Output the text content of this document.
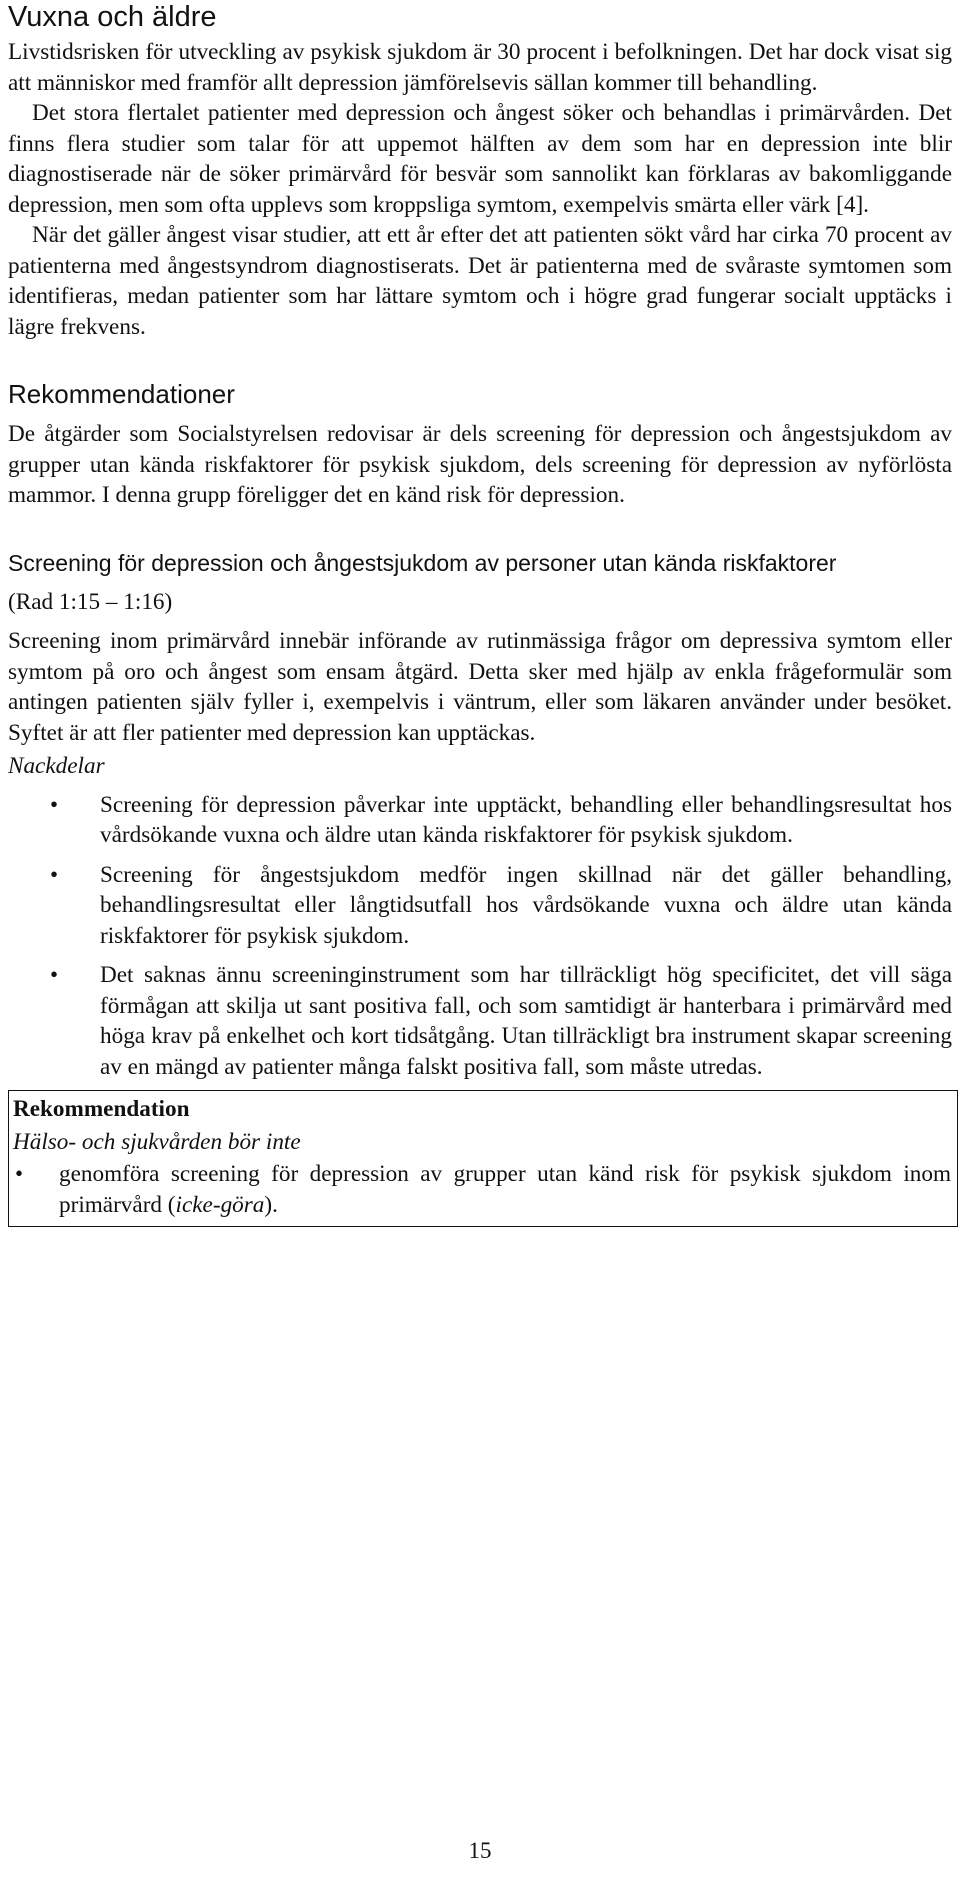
Vuxna och äldre

Livstidsrisken för utveckling av psykisk sjukdom är 30 procent i befolkningen. Det har dock visat sig att människor med framför allt depression jämförelsevis sällan kommer till behandling.

Det stora flertalet patienter med depression och ångest söker och behandlas i primärvården. Det finns flera studier som talar för att uppemot hälften av dem som har en depression inte blir diagnostiserade när de söker primärvård för besvär som sannolikt kan förklaras av bakomliggande depression, men som ofta upplevs som kroppsliga symtom, exempelvis smärta eller värk [4].

När det gäller ångest visar studier, att ett år efter det att patienten sökt vård har cirka 70 procent av patienterna med ångestsyndrom diagnostiserats. Det är patienterna med de svåraste symtomen som identifieras, medan patienter som har lättare symtom och i högre grad fungerar socialt upptäcks i lägre frekvens.

Rekommendationer

De åtgärder som Socialstyrelsen redovisar är dels screening för depression och ångestsjukdom av grupper utan kända riskfaktorer för psykisk sjukdom, dels screening för depression av nyförlösta mammor. I denna grupp föreligger det en känd risk för depression.

Screening för depression och ångestsjukdom av personer utan kända riskfaktorer

(Rad 1:15 – 1:16)

Screening inom primärvård innebär införande av rutinmässiga frågor om depressiva symtom eller symtom på oro och ångest som ensam åtgärd. Detta sker med hjälp av enkla frågeformulär som antingen patienten själv fyller i, exempelvis i väntrum, eller som läkaren använder under besöket. Syftet är att fler patienter med depression kan upptäckas.

Nackdelar

• Screening för depression påverkar inte upptäckt, behandling eller behandlingsresultat hos vårdsökande vuxna och äldre utan kända riskfaktorer för psykisk sjukdom.

• Screening för ångestsjukdom medför ingen skillnad när det gäller behandling, behandlingsresultat eller långtidsutfall hos vårdsökande vuxna och äldre utan kända riskfaktorer för psykisk sjukdom.

• Det saknas ännu screeninginstrument som har tillräckligt hög specificitet, det vill säga förmågan att skilja ut sant positiva fall, och som samtidigt är hanterbara i primärvård med höga krav på enkelhet och kort tidsåtgång. Utan tillräckligt bra instrument skapar screening av en mängd av patienter många falskt positiva fall, som måste utredas.

Rekommendation

Hälso- och sjukvården bör inte

• genomföra screening för depression av grupper utan känd risk för psykisk sjukdom inom primärvård (icke-göra).

15
